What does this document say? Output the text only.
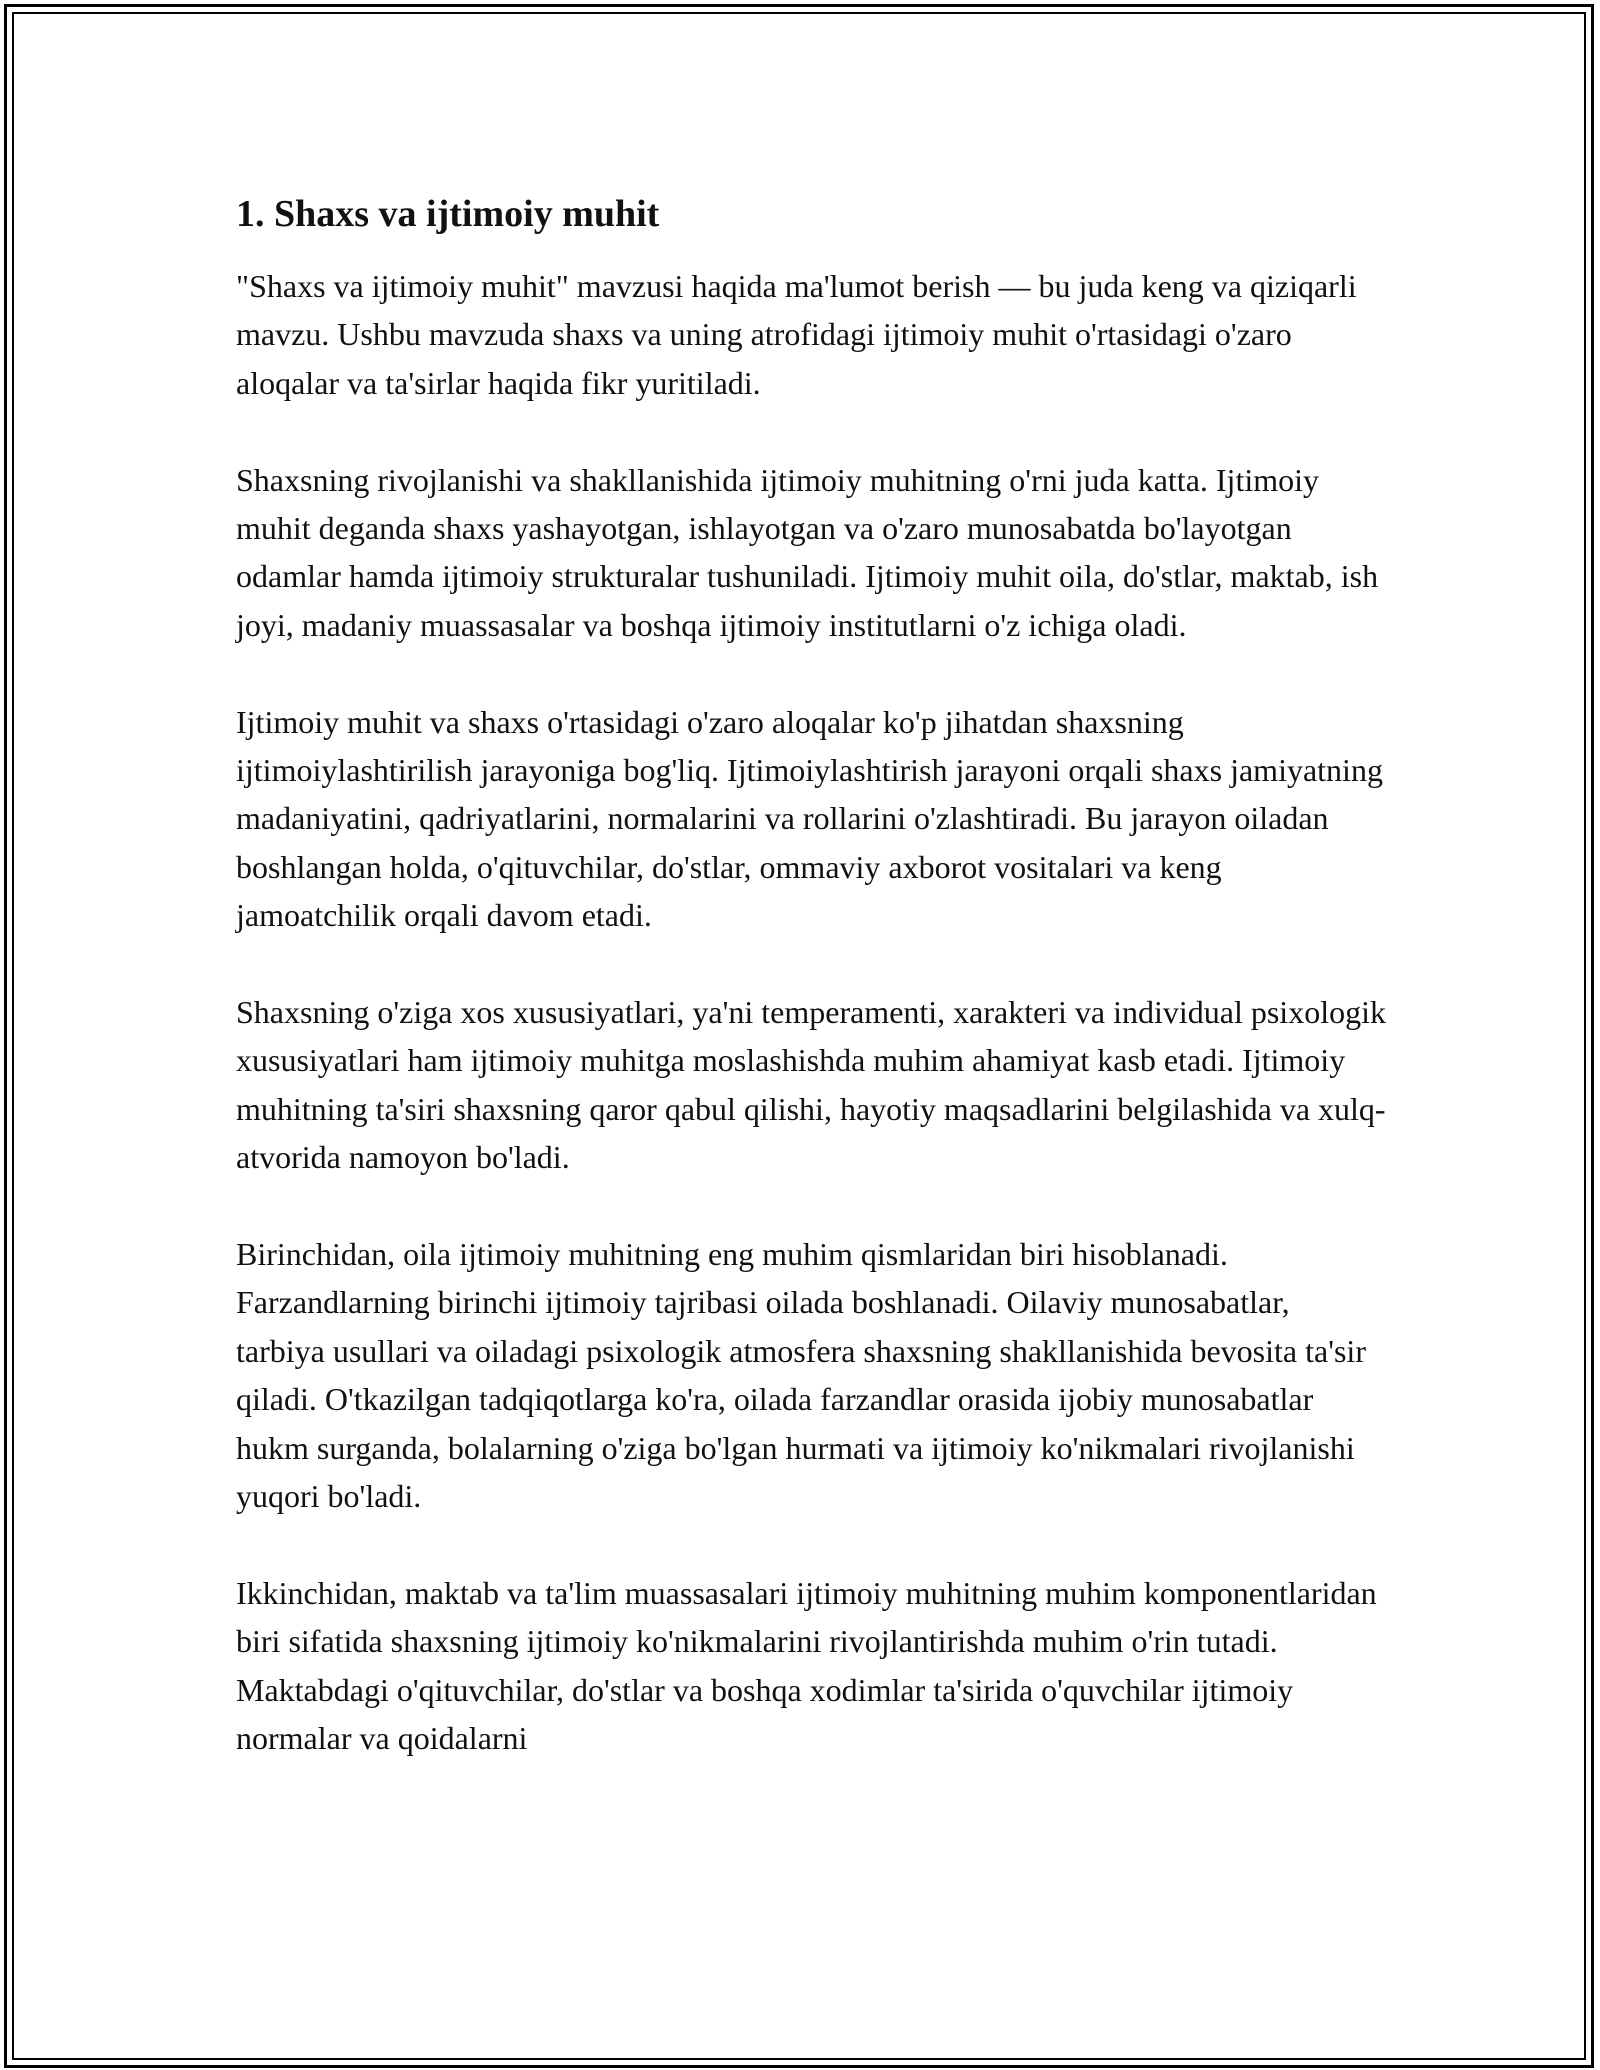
1. Shaxs va ijtimoiy muhit

"Shaxs va ijtimoiy muhit" mavzusi haqida ma'lumot berish — bu juda keng va qiziqarli mavzu. Ushbu mavzuda shaxs va uning atrofidagi ijtimoiy muhit o'rtasidagi o'zaro aloqalar va ta'sirlar haqida fikr yuritiladi.

Shaxsning rivojlanishi va shakllanishida ijtimoiy muhitning o'rni juda katta. Ijtimoiy muhit deganda shaxs yashayotgan, ishlayotgan va o'zaro munosabatda bo'layotgan odamlar hamda ijtimoiy strukturalar tushuniladi. Ijtimoiy muhit oila, do'stlar, maktab, ish joyi, madaniy muassasalar va boshqa ijtimoiy institutlarni o'z ichiga oladi.

Ijtimoiy muhit va shaxs o'rtasidagi o'zaro aloqalar ko'p jihatdan shaxsning ijtimoiylashtirilish jarayoniga bog'liq. Ijtimoiylashtirish jarayoni orqali shaxs jamiyatning madaniyatini, qadriyatlarini, normalarini va rollarini o'zlashtiradi. Bu jarayon oiladan boshlangan holda, o'qituvchilar, do'stlar, ommaviy axborot vositalari va keng jamoatchilik orqali davom etadi.

Shaxsning o'ziga xos xususiyatlari, ya'ni temperamenti, xarakteri va individual psixologik xususiyatlari ham ijtimoiy muhitga moslashishda muhim ahamiyat kasb etadi. Ijtimoiy muhitning ta'siri shaxsning qaror qabul qilishi, hayotiy maqsadlarini belgilashida va xulq-atvorida namoyon bo'ladi.

Birinchidan, oila ijtimoiy muhitning eng muhim qismlaridan biri hisoblanadi. Farzandlarning birinchi ijtimoiy tajribasi oilada boshlanadi. Oilaviy munosabatlar, tarbiya usullari va oiladagi psixologik atmosfera shaxsning shakllanishida bevosita ta'sir qiladi. O'tkazilgan tadqiqotlarga ko'ra, oilada farzandlar orasida ijobiy munosabatlar hukm surganda, bolalarning o'ziga bo'lgan hurmati va ijtimoiy ko'nikmalari rivojlanishi yuqori bo'ladi.

Ikkinchidan, maktab va ta'lim muassasalari ijtimoiy muhitning muhim komponentlaridan biri sifatida shaxsning ijtimoiy ko'nikmalarini rivojlantirishda muhim o'rin tutadi. Maktabdagi o'qituvchilar, do'stlar va boshqa xodimlar ta'sirida o'quvchilar ijtimoiy normalar va qoidalarni
